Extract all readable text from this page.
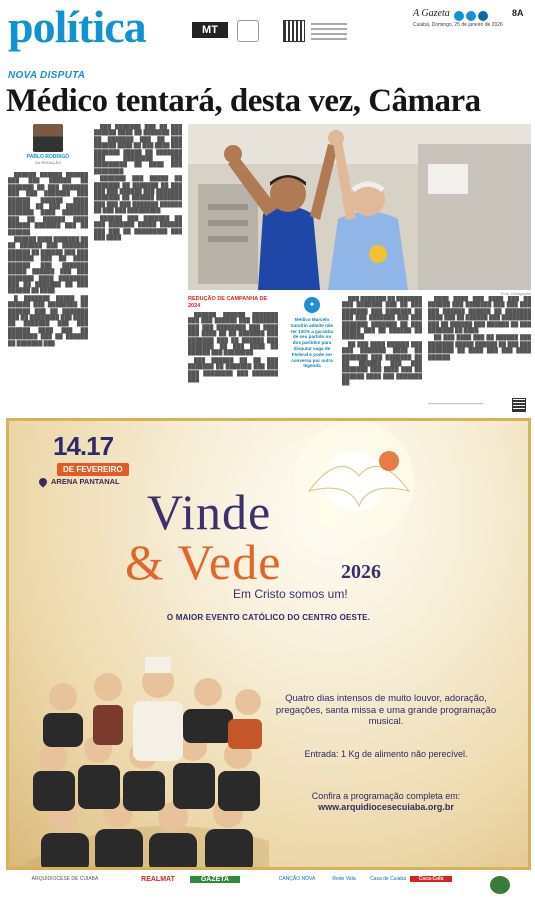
política	MT
A Gazeta
Cuiabá, Domingo, 25 de janeiro de 2026
8A
NOVA DISPUTA
Médico tentará, desta vez, Câmara
PABLO RODRIGO
DA REDAÇÃO

██████ ██████ ██████ ███ ███ ██████ ██ ███████ ██ ███ ███████ ███ ███ ███████ ███ ██████ ██████ ████ ██████ ██ ███ ██████ ███████ ████ ███████ ███ ██ ██████ ████ ██████ ███████ ███ ██ ██████.

██████ ████ ███████ ██ ██ ██████ ███ ███████ ██████ ██ ██████ ███ ███ ███████ ███ ██ ████ ██████ ███ ███████ █████ ██████ ███ ███ ███████ ████ ████████ ███ ██ ███████ ██ ███ ██████ ██ ████.

█ ███████ █████ ██ ██████ ███ ████████ ██ ██████ ███ ██ ███████ ███ ██ ████████ ███ ████ ██ ███████ ███ ███ ██████ ████ ███ ██ ████████ ███ ██ ██████ ██ ███████ ███.

███ ███████ ███ ██ ███ ██████ ████ ██ ███████ ███ ██ ███████ ███ ██ ███ ██████ ████ ██ ███ ████ ███ ███████ █████ ██ ███████ ███ ████████ ███ █████████ ██ ████ ███ ████████.

███████ ███ █████ ██ ███████ ██ ███████ ██ ███ ███ ███ ██████ ███ ███████ ███████ ██ ██████ ███████ ███ ███ ███ ███████ ██████ ██ ███ ███ █████████.

██████ ███ ███████ ██ ███ ███████ █████ ██████ ███ ███ ██ █████████ ███ ███ ████.

Foto: Divulgação
REDUÇÃO DE CAMPANHA DE 2024

██████ ██████ ███████ ███ ███ ██████ ███ ███████ ███ ███ ████████ ███ ████ ███ ████ ██ ██ ███████ ███ ███████ ███ ██ ██████ ███ ███████ ██ ███ ████ ██ ██████ ███ ████████.

███ ██████ ██ ██ ███ ███████ ██ ███████ ███ ███ ███ ████████ ███ ███████ ███.

✦
Médico Marcelo Sandrin admite não ter 100% a garantia de seu partido ou dos partidos para disputar vaga de Federal e pode ser conversa por outra legenda

███ ███████ ██ ███████ ███ ███████ ███ ██ ███ ███████ ███ ███████ ██ ███ ███ ███████ ███ ███ ███████ ███████ ██ ███ █████ ███ ██ ██████ ██ ██████.

██ ███ ████ ██████ ███ ███ ███████ ████ ██ ███████ ███ ███████ ██ ██ ██████ ███ ███ ███████ ███ ████ ███ ██ ██████ ████ ███ ███████ ██.

████ ████ ███ ████ ███ ██ ██████ ███ ███████ ███ ███ ███ ███ ██████ ██████ ██ ███████ ████ ███ ██ ██████ ███ ████████ ███ ██ ██████ ███ ██████ ██ ███ ███████ ██ ████.

██ ███ ████ ███ ██ ██████ ███ ███████ █████ ██████ ██ ███ ███ ███████ ██ ████ ███ ███ ████ ██████.

━━━━━━━━━━━━━━━━━━━━━━━━━━
14.17
DE FEVEREIRO
ARENA PANTANAL
Vinde
& Vede	2026
Em Cristo somos um!
O MAIOR EVENTO CATÓLICO DO CENTRO OESTE.
Quatro dias intensos de muito louvor, adoração, pregações, santa missa e uma grande programação musical.
Entrada: 1 Kg de alimento não perecível.
Confira a programação completa em:
www.arquidiocesecuiaba.org.br
ARQUIDIOCESE DE CUIABÁ	REALMAT	GAZETA	CANÇÃO NOVA	Rede Vida	Casa de Cuiabá	Coca-Cola
